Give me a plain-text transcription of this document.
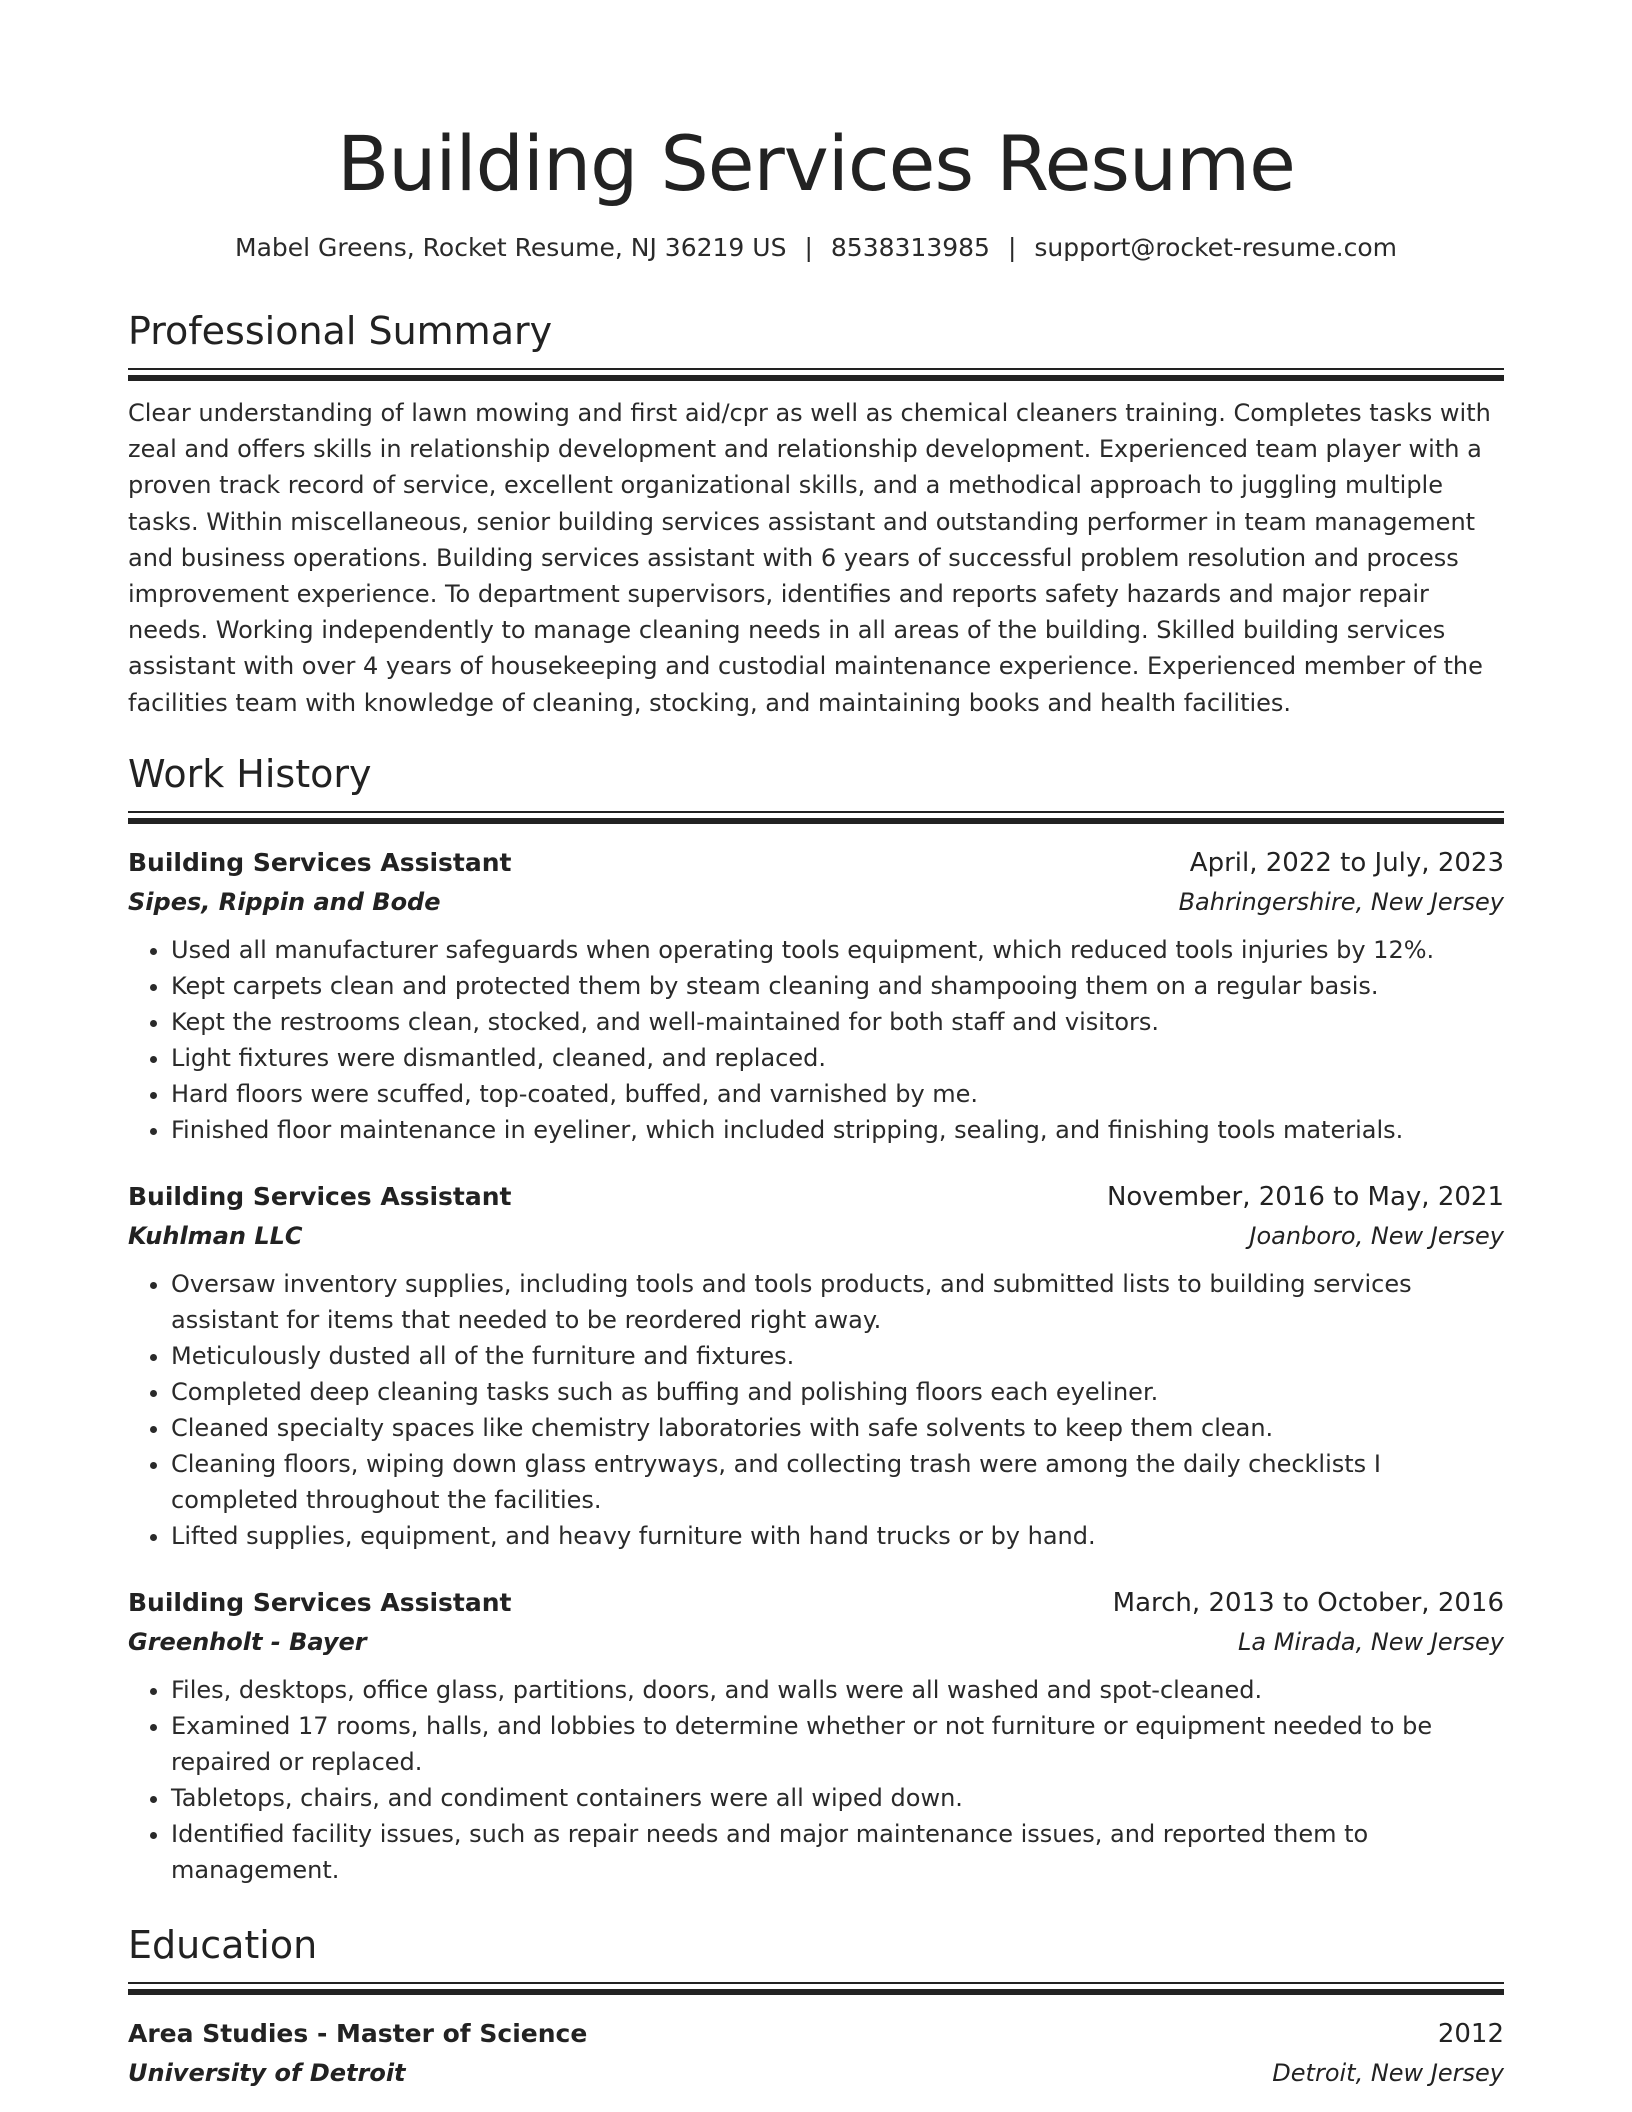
Building Services Resume
Mabel Greens, Rocket Resume, NJ 36219 US | 8538313985 | support@rocket-resume.com
Professional Summary

Clear understanding of lawn mowing and first aid/cpr as well as chemical cleaners training. Completes tasks with zeal and offers skills in relationship development and relationship development. Experienced team player with a proven track record of service, excellent organizational skills, and a methodical approach to juggling multiple tasks. Within miscellaneous, senior building services assistant and outstanding performer in team management and business operations. Building services assistant with 6 years of successful problem resolution and process improvement experience. To department supervisors, identifies and reports safety hazards and major repair needs. Working independently to manage cleaning needs in all areas of the building. Skilled building services assistant with over 4 years of housekeeping and custodial maintenance experience. Experienced member of the facilities team with knowledge of cleaning, stocking, and maintaining books and health facilities.

Work History
Building Services Assistant	April, 2022 to July, 2023
Sipes, Rippin and Bode	Bahringershire, New Jersey
• Used all manufacturer safeguards when operating tools equipment, which reduced tools injuries by 12%.
• Kept carpets clean and protected them by steam cleaning and shampooing them on a regular basis.
• Kept the restrooms clean, stocked, and well-maintained for both staff and visitors.
• Light fixtures were dismantled, cleaned, and replaced.
• Hard floors were scuffed, top-coated, buffed, and varnished by me.
• Finished floor maintenance in eyeliner, which included stripping, sealing, and finishing tools materials.
Building Services Assistant	November, 2016 to May, 2021
Kuhlman LLC	Joanboro, New Jersey
• Oversaw inventory supplies, including tools and tools products, and submitted lists to building services assistant for items that needed to be reordered right away.
• Meticulously dusted all of the furniture and fixtures.
• Completed deep cleaning tasks such as buffing and polishing floors each eyeliner.
• Cleaned specialty spaces like chemistry laboratories with safe solvents to keep them clean.
• Cleaning floors, wiping down glass entryways, and collecting trash were among the daily checklists I completed throughout the facilities.
• Lifted supplies, equipment, and heavy furniture with hand trucks or by hand.
Building Services Assistant	March, 2013 to October, 2016
Greenholt - Bayer	La Mirada, New Jersey
• Files, desktops, office glass, partitions, doors, and walls were all washed and spot-cleaned.
• Examined 17 rooms, halls, and lobbies to determine whether or not furniture or equipment needed to be repaired or replaced.
• Tabletops, chairs, and condiment containers were all wiped down.
• Identified facility issues, such as repair needs and major maintenance issues, and reported them to management.
Education
Area Studies - Master of Science	2012
University of Detroit	Detroit, New Jersey
